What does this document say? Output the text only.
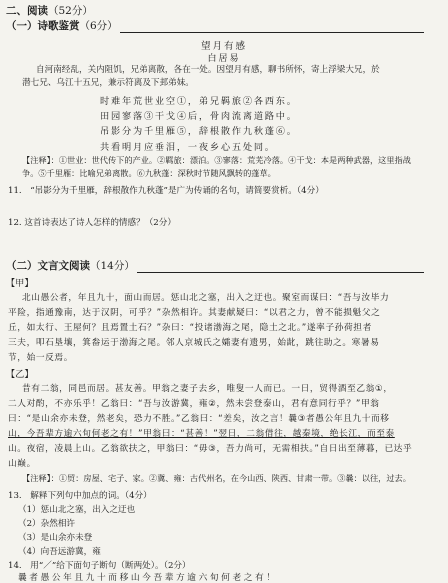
二、阅读（52分）
（一）诗歌鉴赏（6分）
望月有感
白居易
自河南经乱，关内阻饥，兄弟离散，各在一处。因望月有感，聊书所怀，寄上浮梁大兄，於
潜七兄、乌江十五兄，兼示符离及下邽弟妹。
时难年荒世业空①，弟兄羁旅②各西东。
田园寥落③干戈④后，骨肉流离道路中。
吊影分为千里雁⑤，辞根散作九秋蓬⑥。
共看明月应垂泪，一夜乡心五处同。
【注释】：①世业：世代传下的产业。②羁旅：漂泊。③寥落：荒芜冷落。④干戈：本是两种武器，这里指战
争。⑤千里雁：比喻兄弟离散。⑥九秋蓬：深秋时节随风飘转的蓬草。
11.　“吊影分为千里雁，辞根散作九秋蓬”是广为传诵的名句，请简要赏析。（4分）
12. 这首诗表达了诗人怎样的情感？（2分）
（二）文言文阅读（14分）
【甲】
北山愚公者，年且九十，面山而居。惩山北之塞，出入之迂也。聚室而谋曰：“吾与汝毕力
平险，指通豫南，达于汉阴，可乎？”杂然相许。其妻献疑曰：“以君之力，曾不能损魁父之
丘，如太行、王屋何？且焉置土石？”杂曰：“投诸渤海之尾，隐土之北。”遂率子孙荷担者
三夫，叩石垦壤，箕畚运于渤海之尾。邻人京城氏之孀妻有遗男，始龀，跳往助之。寒暑易
节，始一反焉。
【乙】
昔有二翁，同邑而居。甚友善。甲翁之妻子去乡，唯叟一人而已。一日，贸得酒至乙翁①，
二人对酌，不亦乐乎！乙翁曰：“吾与汝游冀，雍②，然未尝登泰山，君有意同行乎？”甲翁
曰：“是山余亦未登，然老矣，恐力不胜。”乙翁曰：“差矣，汝之言！曩③者愚公年且九十而移
山，今吾辈方逾六旬何老之有！”甲翁曰：“甚善！”翌日，二翁借往，越秦境，绝长江，而至泰
山。夜宿，凌晨上山。乙翁欲扶之，甲翁曰：“毋③，吾力尚可，无需相扶。”自日出至薄暮，已达乎
山巅。
【注释】：①贸：房屋、宅子、家。②冀、雍：古代州名，在今山西、陕西、甘肃一带。③曩：以往，过去。
13.　解释下列句中加点的词。（4分）
（1）惩山北之塞，出入之迂也
（2）杂然相许
（3）是山余亦未登
（4）向吾远游冀，雍
14.　用“／”给下面句子断句（断两处）。（2分）
曩者愚公年且九十而移山今吾辈方逾六旬何老之有！
